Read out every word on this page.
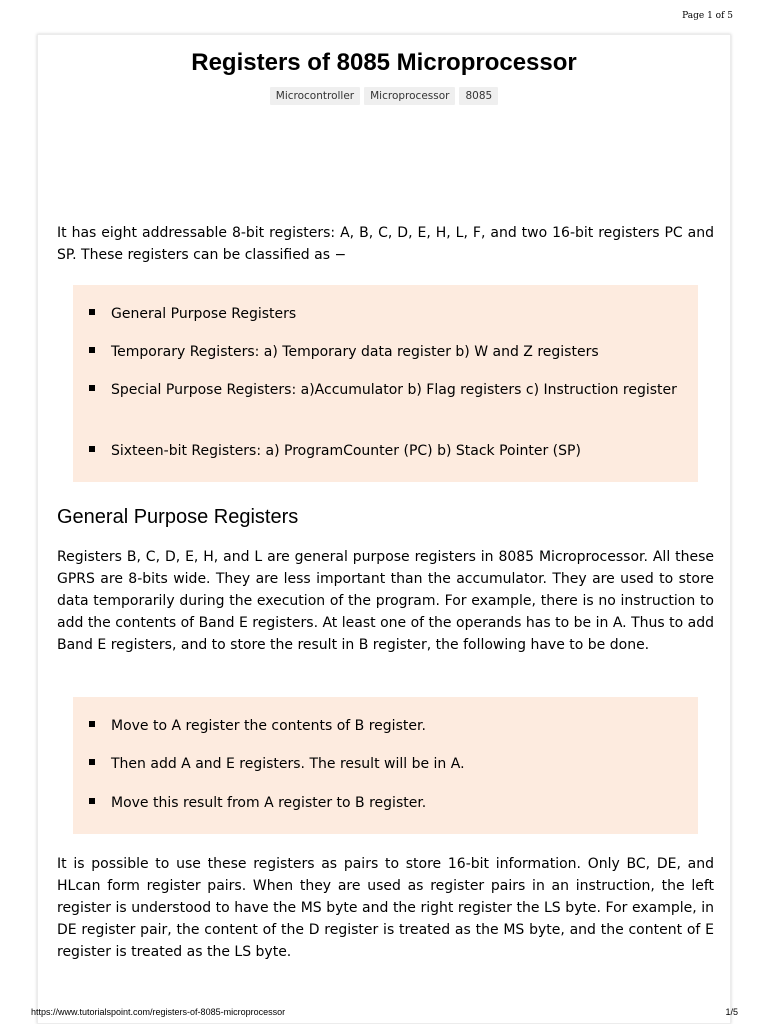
Page 1 of 5
Registers of 8085 Microprocessor
Microcontroller Microprocessor 8085

It has eight addressable 8-bit registers: A, B, C, D, E, H, L, F, and two 16-bit registers PC and SP. These registers can be classified as −

General Purpose Registers
Temporary Registers: a) Temporary data register b) W and Z registers
Special Purpose Registers: a)Accumulator b) Flag registers c) Instruction register
Sixteen-bit Registers: a) ProgramCounter (PC) b) Stack Pointer (SP)
General Purpose Registers

Registers B, C, D, E, H, and L are general purpose registers in 8085 Microprocessor. All these GPRS are 8-bits wide. They are less important than the accumulator. They are used to store data temporarily during the execution of the program. For example, there is no instruction to add the contents of Band E registers. At least one of the operands has to be in A. Thus to add Band E registers, and to store the result in B register, the following have to be done.

Move to A register the contents of B register.
Then add A and E registers. The result will be in A.
Move this result from A register to B register.

It is possible to use these registers as pairs to store 16-bit information. Only BC, DE, and HLcan form register pairs. When they are used as register pairs in an instruction, the left register is understood to have the MS byte and the right register the LS byte. For example, in DE register pair, the content of the D register is treated as the MS byte, and the content of E register is treated as the LS byte.

https://www.tutorialspoint.com/registers-of-8085-microprocessor	1/5
